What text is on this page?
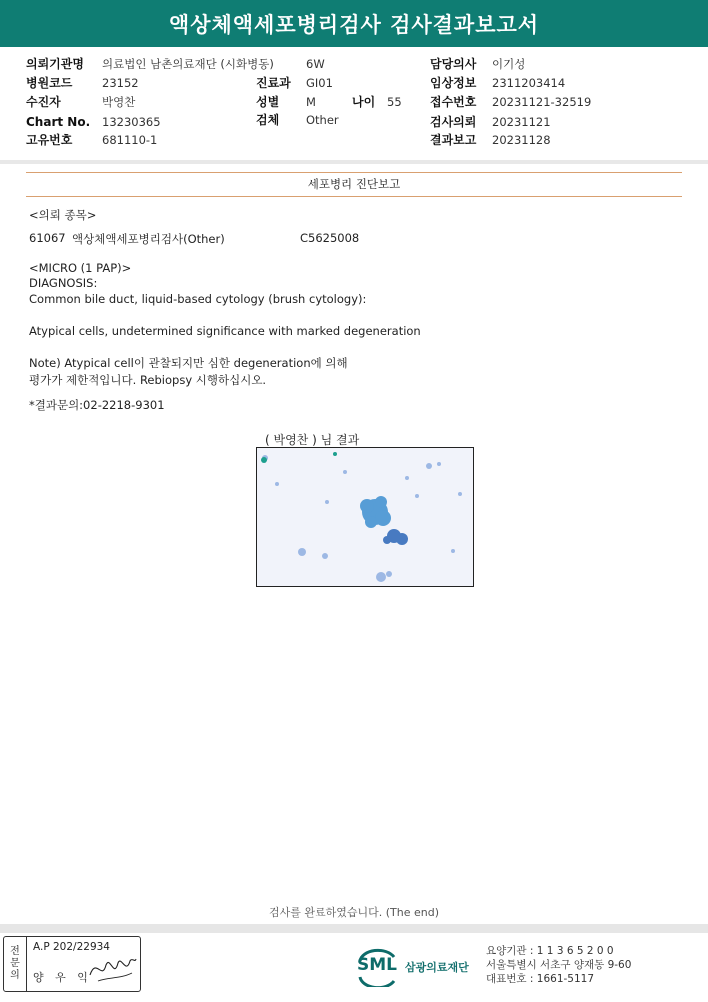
액상체액세포병리검사 검사결과보고서
의뢰기관명 의료법인 남촌의료재단 (시화병동)	6W	담당의사 이기성
병원코드	23152	진료과 GI01	임상정보 2311203414
수진자	박영찬	성별 M	나이 55 접수번호 20231121-32519
Chart No. 13230365	검체 Other	검사의뢰 20231121
고유번호	681110-1	결과보고 20231128
세포병리 진단보고
<의뢰 종목>
61067 액상체액세포병리검사(Other)	C5625008
<MICRO (1 PAP)>
DIAGNOSIS:
Common bile duct, liquid-based cytology (brush cytology):
Atypical cells, undetermined significance with marked degeneration
Note) Atypical cell이 관찰되지만 심한 degeneration에 의해
평가가 제한적입니다. Rebiopsy 시행하십시오.
*결과문의:02-2218-9301
( 박영찬 ) 님 결과
검사를 완료하였습니다. (The end)
전
문
의
A.P 202/22934
양 우 익
SML 삼광의료재단
요양기관 : 1 1 3 6 5 2 0 0
서울특별시 서초구 양재동 9-60
대표번호 : 1661-5117
